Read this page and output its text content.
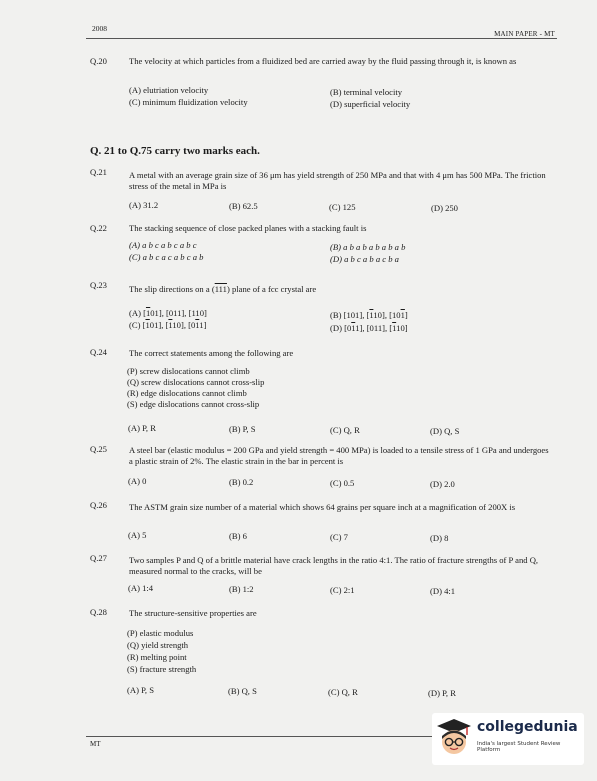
2008
MAIN PAPER - MT
Q.20	The velocity at which particles from a fluidized bed are carried away by the fluid passing through it, is known as
(A) elutriation velocity	(B) terminal velocity
(C) minimum fluidization velocity	(D) superficial velocity
Q. 21 to Q.75 carry two marks each.
Q.21	A metal with an average grain size of 36 μm has yield strength of 250 MPa and that with 4 μm has 500 MPa. The friction stress of the metal in MPa is
(A) 31.2	(B) 62.5	(C) 125	(D) 250
Q.22	The stacking sequence of close packed planes with a stacking fault is
(A) a b c a b c a b c	(B) a b a b a b a b a b
(C) a b c a c a b c a b	(D) a b c a b a c b a
Q.23	The slip directions on a (111) plane of a fcc crystal are
(A) [101], [011], [110]	(B) [101], [110], [101]
(C) [101], [110], [011]	(D) [011], [011], [110]
Q.24	The correct statements among the following are
(P) screw dislocations cannot climb
(Q) screw dislocations cannot cross-slip
(R) edge dislocations cannot climb
(S) edge dislocations cannot cross-slip
(A) P, R	(B) P, S	(C) Q, R	(D) Q, S
Q.25	A steel bar (elastic modulus = 200 GPa and yield strength = 400 MPa) is loaded to a tensile stress of 1 GPa and undergoes a plastic strain of 2%. The elastic strain in the bar in percent is
(A) 0	(B) 0.2	(C) 0.5	(D) 2.0
Q.26	The ASTM grain size number of a material which shows 64 grains per square inch at a magnification of 200X is
(A) 5	(B) 6	(C) 7	(D) 8
Q.27	Two samples P and Q of a brittle material have crack lengths in the ratio 4:1. The ratio of fracture strengths of P and Q, measured normal to the cracks, will be
(A) 1:4	(B) 1:2	(C) 2:1	(D) 4:1
Q.28	The structure-sensitive properties are
(P) elastic modulus
(Q) yield strength
(R) melting point
(S) fracture strength
(A) P, S	(B) Q, S	(C) Q, R	(D) P, R
MT
collegedunia
India's largest Student Review Platform
